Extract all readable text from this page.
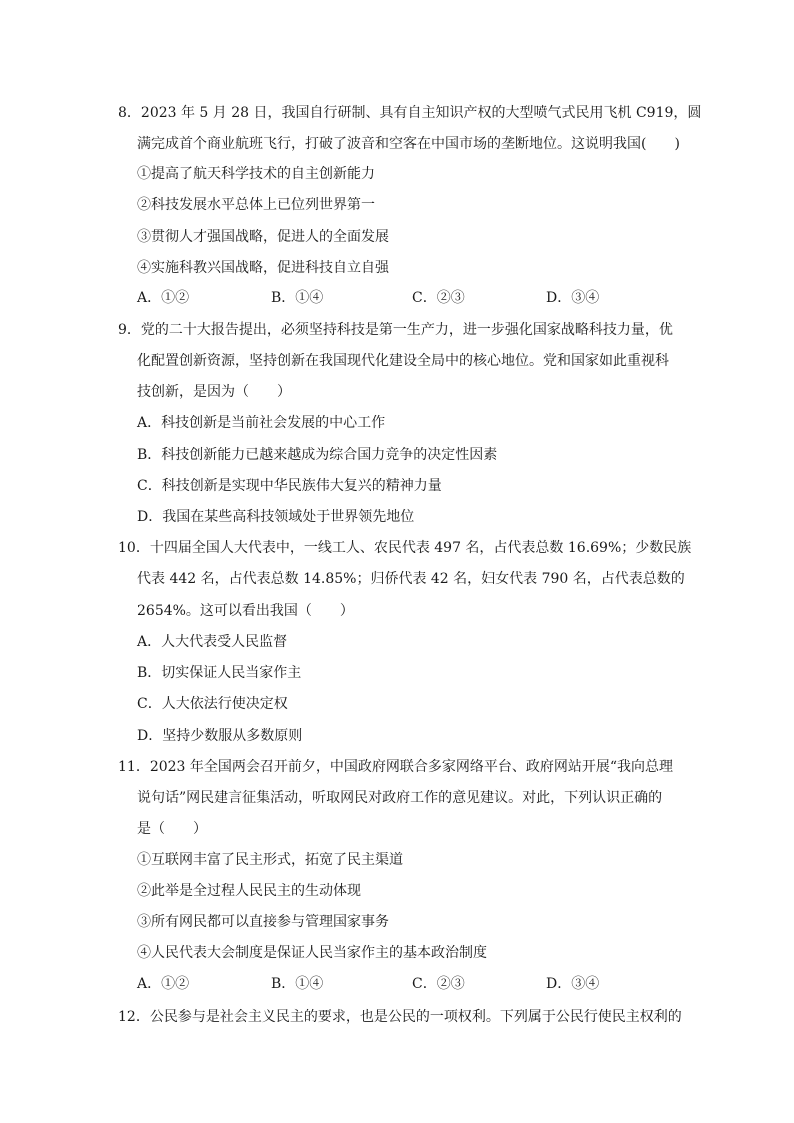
8．2023 年 5 月 28 日，我国自行研制、具有自主知识产权的大型喷气式民用飞机 C919，圆
满完成首个商业航班飞行，打破了波音和空客在中国市场的垄断地位。这说明我国(　　)
①提高了航天科学技术的自主创新能力
②科技发展水平总体上已位列世界第一
③贯彻人才强国战略，促进人的全面发展
④实施科教兴国战略，促进科技自立自强
A．①②	B．①④	C．②③	D．③④
9．党的二十大报告提出，必须坚持科技是第一生产力，进一步强化国家战略科技力量，优
化配置创新资源，坚持创新在我国现代化建设全局中的核心地位。党和国家如此重视科
技创新，是因为（　　）
A．科技创新是当前社会发展的中心工作
B．科技创新能力已越来越成为综合国力竞争的决定性因素
C．科技创新是实现中华民族伟大复兴的精神力量
D．我国在某些高科技领域处于世界领先地位
10．十四届全国人大代表中，一线工人、农民代表 497 名，占代表总数 16.69%；少数民族
代表 442 名，占代表总数 14.85%；归侨代表 42 名，妇女代表 790 名，占代表总数的
2654%。这可以看出我国（　　）
A．人大代表受人民监督
B．切实保证人民当家作主
C．人大依法行使决定权
D．坚持少数服从多数原则
11．2023 年全国两会召开前夕，中国政府网联合多家网络平台、政府网站开展“我向总理
说句话”网民建言征集活动，听取网民对政府工作的意见建议。对此，下列认识正确的
是（　　）
①互联网丰富了民主形式，拓宽了民主渠道
②此举是全过程人民民主的生动体现
③所有网民都可以直接参与管理国家事务
④人民代表大会制度是保证人民当家作主的基本政治制度
A．①②	B．①④	C．②③	D．③④
12．公民参与是社会主义民主的要求，也是公民的一项权利。下列属于公民行使民主权利的
